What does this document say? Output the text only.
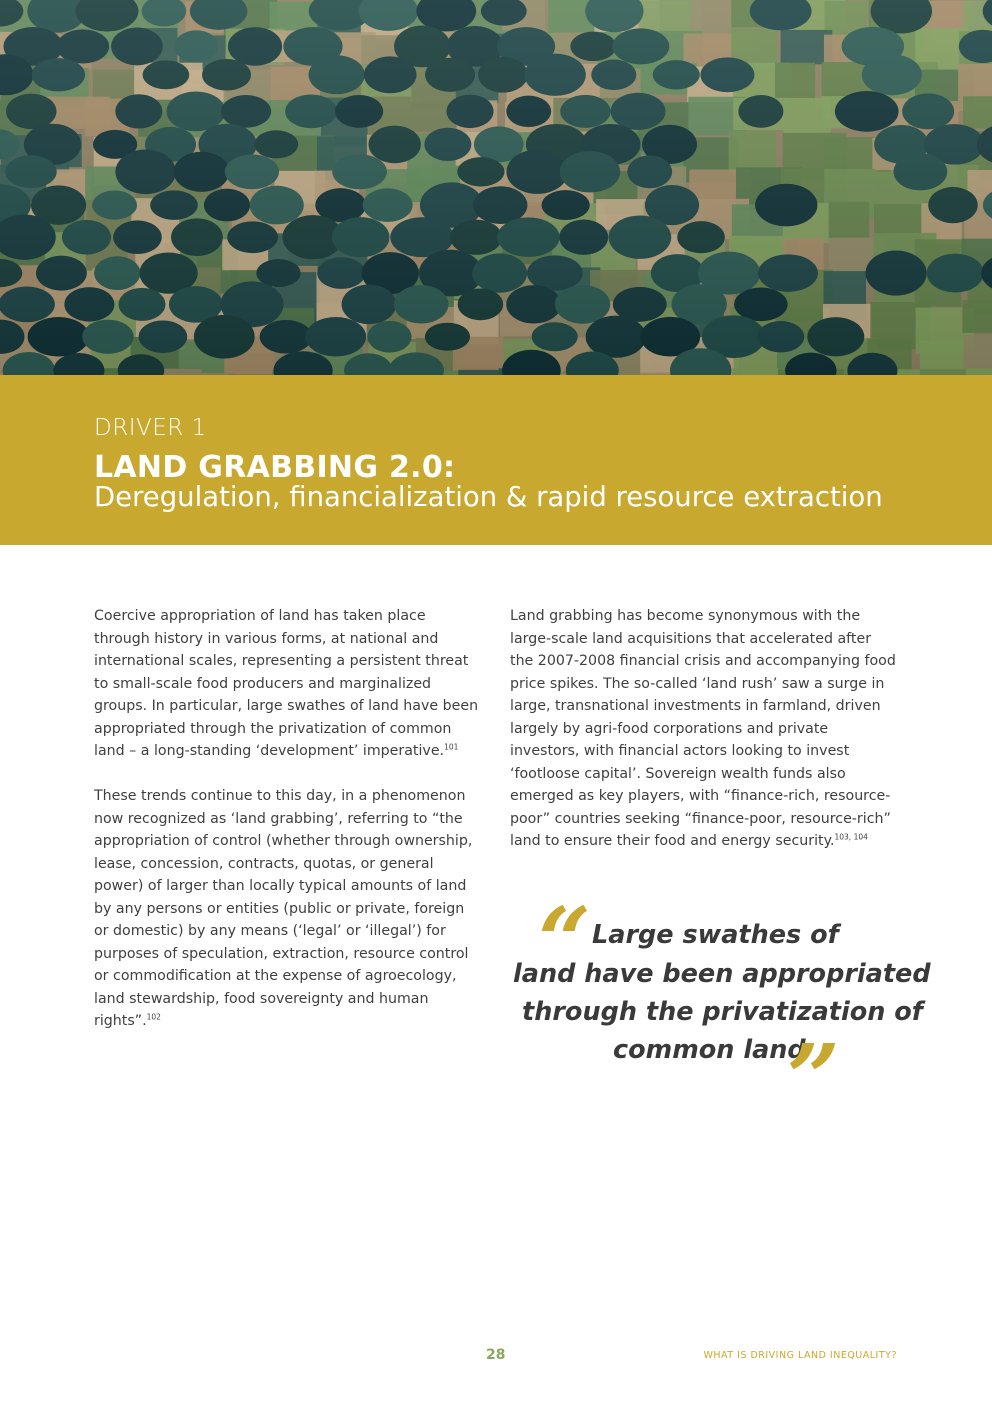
DRIVER 1
LAND GRABBING 2.0:
Deregulation, financialization & rapid resource extraction

Coercive appropriation of land has taken place through history in various forms, at national and international scales, representing a persistent threat to small-scale food producers and marginalized groups. In particular, large swathes of land have been appropriated through the privatization of common land – a long-standing ‘development’ imperative.$^{101}$

These trends continue to this day, in a phenomenon now recognized as ‘land grabbing’, referring to “the appropriation of control (whether through ownership, lease, concession, contracts, quotas, or general power) of larger than locally typical amounts of land by any persons or entities (public or private, foreign or domestic) by any means (‘legal’ or ‘illegal’) for purposes of speculation, extraction, resource control or commodification at the expense of agroecology, land stewardship, food sovereignty and human rights”.$^{102}$

Land grabbing has become synonymous with the large-scale land acquisitions that accelerated after the 2007-2008 financial crisis and accompanying food price spikes. The so-called ‘land rush’ saw a surge in large, transnational investments in farmland, driven largely by agri-food corporations and private investors, with financial actors looking to invest ‘footloose capital’. Sovereign wealth funds also emerged as key players, with “finance-rich, resource-poor” countries seeking “finance-poor, resource-rich” land to ensure their food and energy security.$^{103, 104}$

“ Large swathes of
land have been appropriated
through the privatization of
common land
”
28	WHAT IS DRIVING LAND INEQUALITY?
